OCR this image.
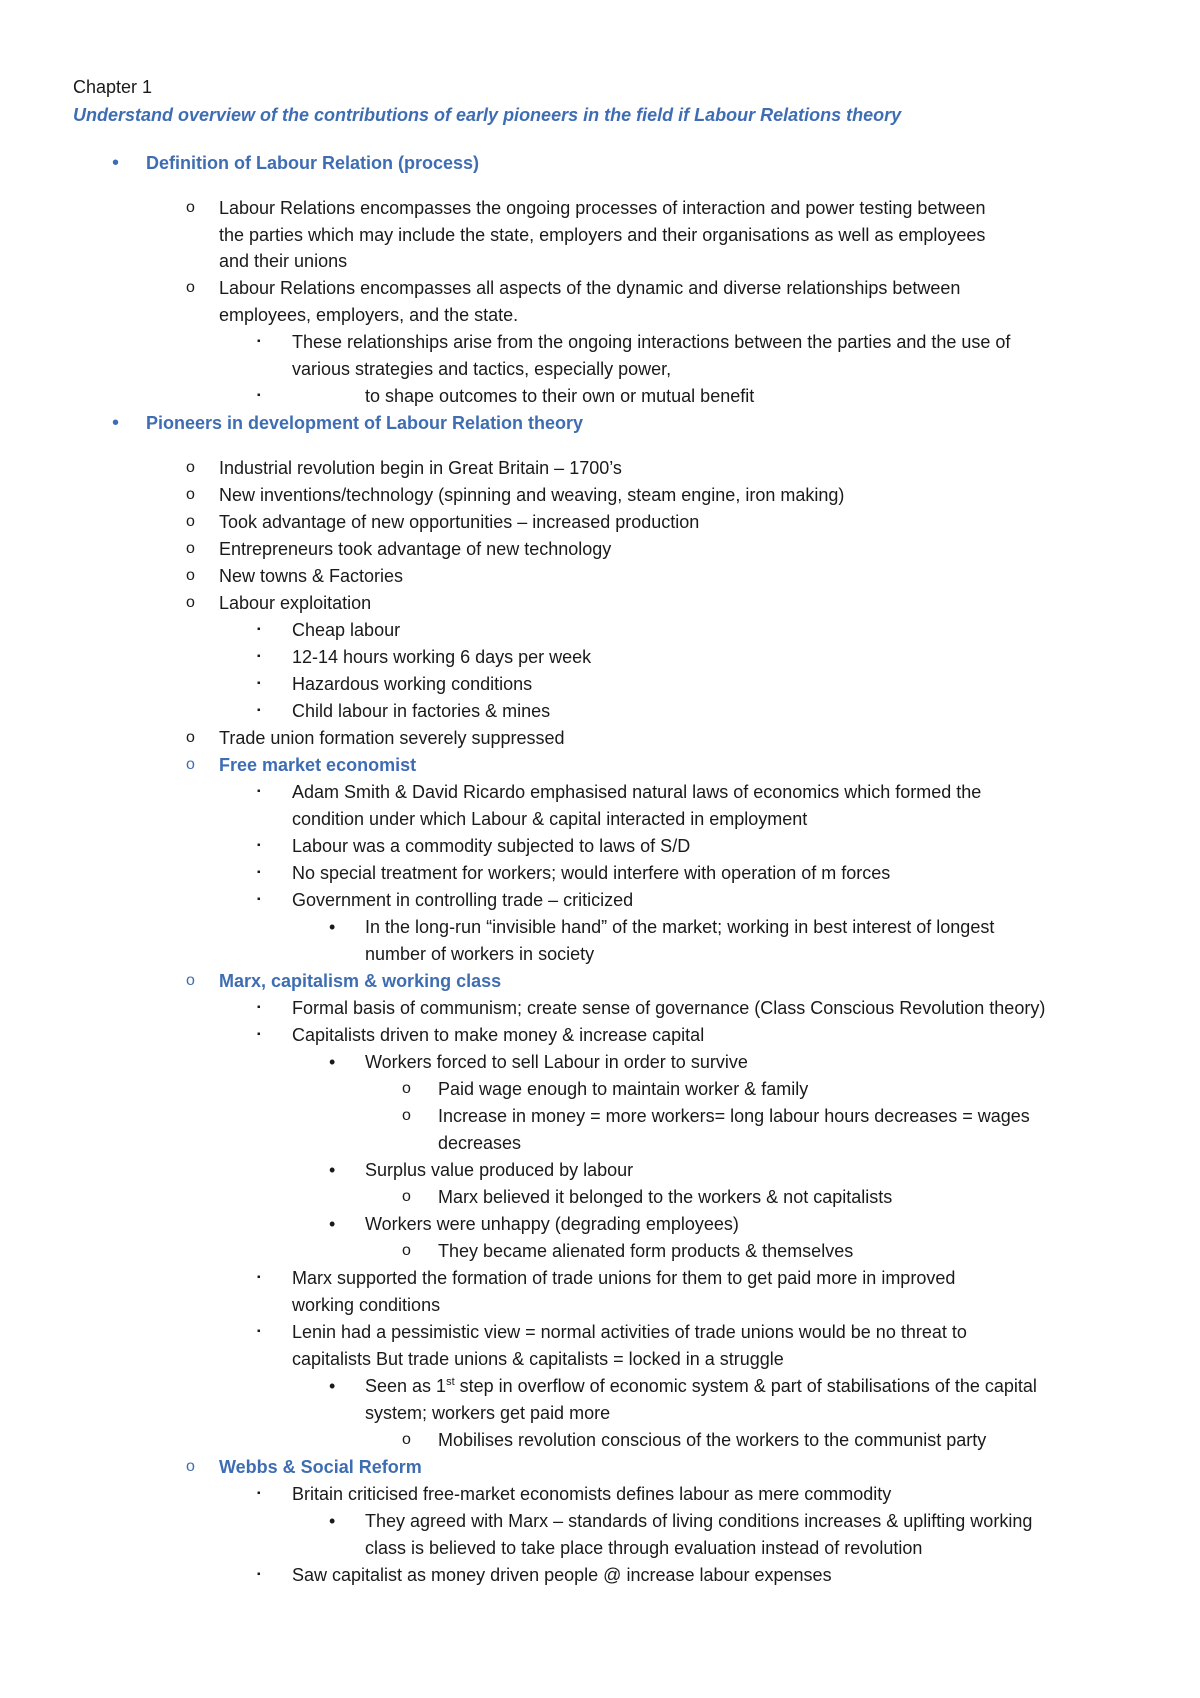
Chapter 1
Understand overview of the contributions of early pioneers in the field if Labour Relations theory
• Definition of Labour Relation (process)
o Labour Relations encompasses the ongoing processes of interaction and power testing between
the parties which may include the state, employers and their organisations as well as employees
and their unions
o Labour Relations encompasses all aspects of the dynamic and diverse relationships between
employees, employers, and the state.
▪ These relationships arise from the ongoing interactions between the parties and the use of
various strategies and tactics, especially power,
▪	to shape outcomes to their own or mutual benefit
• Pioneers in development of Labour Relation theory
o Industrial revolution begin in Great Britain – 1700’s
o New inventions/technology (spinning and weaving, steam engine, iron making)
o Took advantage of new opportunities – increased production
o Entrepreneurs took advantage of new technology
o New towns & Factories
o Labour exploitation
▪ Cheap labour
▪ 12-14 hours working 6 days per week
▪ Hazardous working conditions
▪ Child labour in factories & mines
o Trade union formation severely suppressed
o Free market economist
▪ Adam Smith & David Ricardo emphasised natural laws of economics which formed the
condition under which Labour & capital interacted in employment
▪ Labour was a commodity subjected to laws of S/D
▪ No special treatment for workers; would interfere with operation of m forces
▪ Government in controlling trade – criticized
• In the long-run “invisible hand” of the market; working in best interest of longest
number of workers in society
o Marx, capitalism & working class
▪ Formal basis of communism; create sense of governance (Class Conscious Revolution theory)
▪ Capitalists driven to make money & increase capital
• Workers forced to sell Labour in order to survive
o Paid wage enough to maintain worker & family
o Increase in money = more workers= long labour hours decreases = wages
decreases
• Surplus value produced by labour
o Marx believed it belonged to the workers & not capitalists
• Workers were unhappy (degrading employees)
o They became alienated form products & themselves
▪ Marx supported the formation of trade unions for them to get paid more in improved
working conditions
▪ Lenin had a pessimistic view = normal activities of trade unions would be no threat to
capitalists But trade unions & capitalists = locked in a struggle
• Seen as 1st step in overflow of economic system & part of stabilisations of the capital
system; workers get paid more
o Mobilises revolution conscious of the workers to the communist party
o Webbs & Social Reform
▪ Britain criticised free-market economists defines labour as mere commodity
• They agreed with Marx – standards of living conditions increases & uplifting working
class is believed to take place through evaluation instead of revolution
▪ Saw capitalist as money driven people @ increase labour expenses
